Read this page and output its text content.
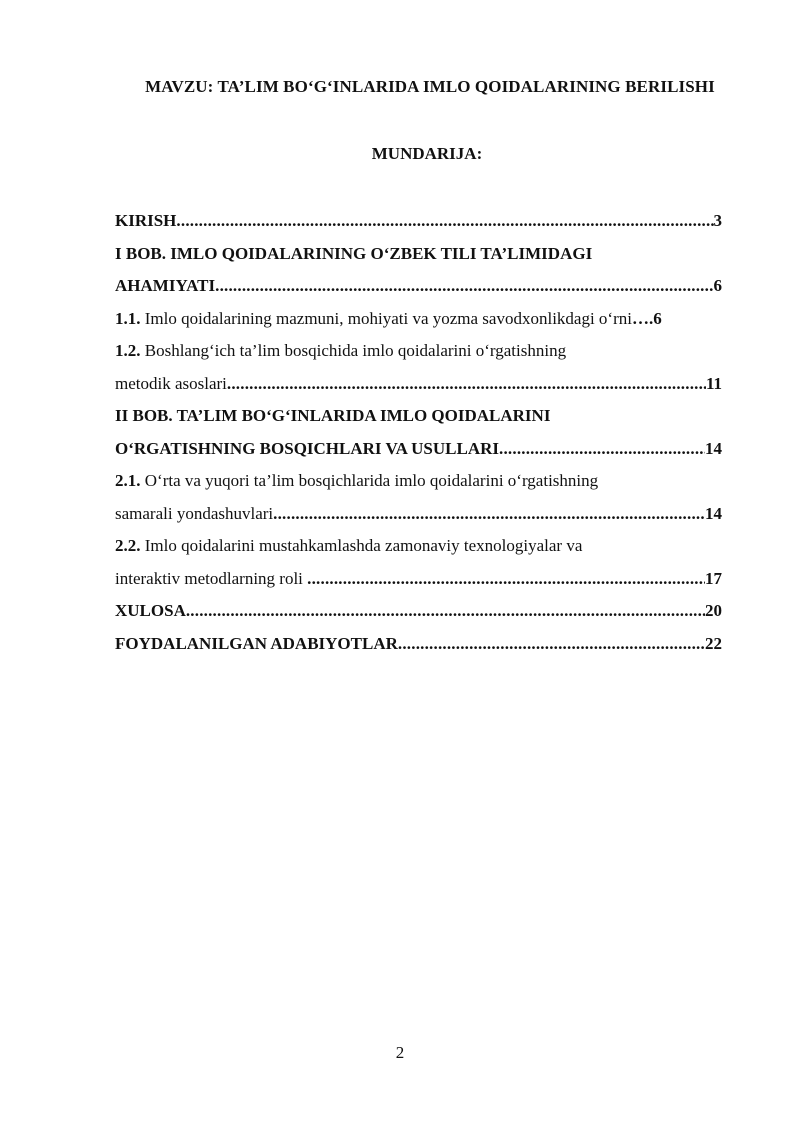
MAVZU: TA’LIM BO‘G‘INLARIDA IMLO QOIDALARINING BERILISHI
MUNDARIJA:
KIRISH .....	3
I BOB. IMLO QOIDALARINING O‘ZBEK TILI TA’LIMIDAGI
AHAMIYATI .....	6
1.1. Imlo qoidalarining mazmuni, mohiyati va yozma savodxonlikdagi o‘rni….6
1.2. Boshlang‘ich ta’lim bosqichida imlo qoidalarini o‘rgatishning
metodik asoslari .....	11
II BOB. TA’LIM BO‘G‘INLARIDA IMLO QOIDALARINI
O‘RGATISHNING BOSQICHLARI VA USULLARI .....	14
2.1. O‘rta va yuqori ta’lim bosqichlarida imlo qoidalarini o‘rgatishning
samarali yondashuvlari .....	14
2.2. Imlo qoidalarini mustahkamlashda zamonaviy texnologiyalar va
interaktiv metodlarning roli .....	17
XULOSA .....	20
FOYDALANILGAN ADABIYOTLAR .....	22
2
